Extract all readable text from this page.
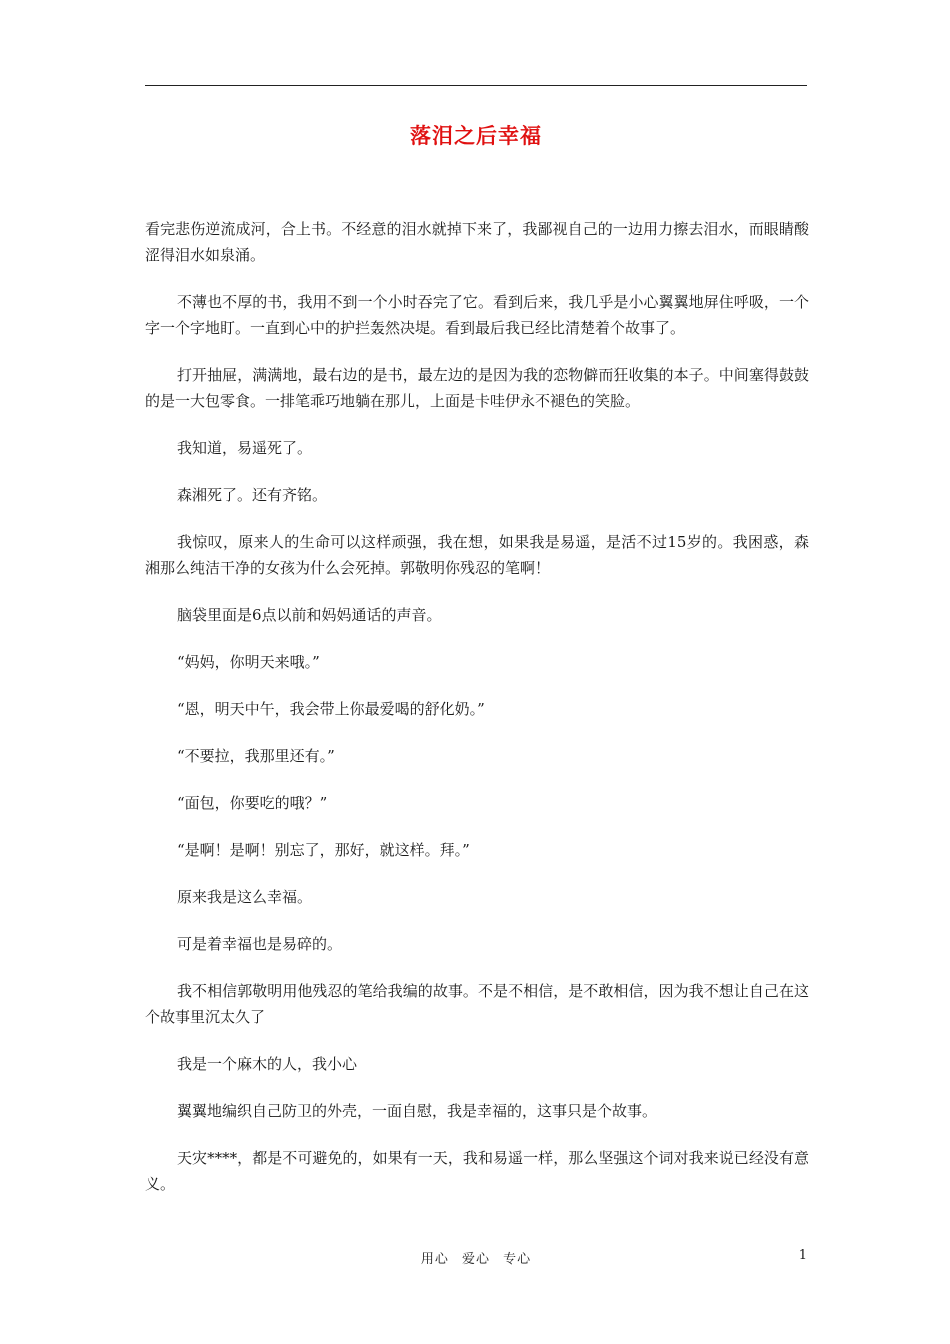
落泪之后幸福

看完悲伤逆流成河，合上书。不经意的泪水就掉下来了，我鄙视自己的一边用力擦去泪水，而眼睛酸涩得泪水如泉涌。

不薄也不厚的书，我用不到一个小时吞完了它。看到后来，我几乎是小心翼翼地屏住呼吸，一个字一个字地盯。一直到心中的护拦轰然决堤。看到最后我已经比清楚着个故事了。

打开抽屉，满满地，最右边的是书，最左边的是因为我的恋物僻而狂收集的本子。中间塞得鼓鼓的是一大包零食。一排笔乖巧地躺在那儿，上面是卡哇伊永不褪色的笑脸。

我知道，易遥死了。

森湘死了。还有齐铭。

我惊叹，原来人的生命可以这样顽强，我在想，如果我是易遥，是活不过15岁的。我困惑，森湘那么纯洁干净的女孩为什么会死掉。郭敬明你残忍的笔啊！

脑袋里面是6点以前和妈妈通话的声音。

“妈妈，你明天来哦。”

“恩，明天中午，我会带上你最爱喝的舒化奶。”

“不要拉，我那里还有。”

“面包，你要吃的哦？”

“是啊！是啊！别忘了，那好，就这样。拜。”

原来我是这么幸福。

可是着幸福也是易碎的。

我不相信郭敬明用他残忍的笔给我编的故事。不是不相信，是不敢相信，因为我不想让自己在这个故事里沉太久了

我是一个麻木的人，我小心

翼翼地编织自己防卫的外壳，一面自慰，我是幸福的，这事只是个故事。

天灾****，都是不可避免的，如果有一天，我和易遥一样，那么坚强这个词对我来说已经没有意义。

用心 爱心 专心	1
